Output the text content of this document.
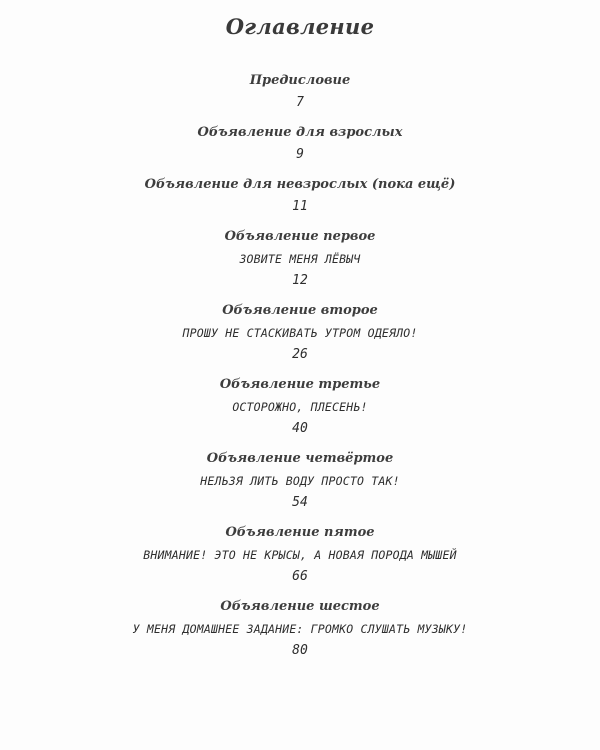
Оглавление
Предисловие
7
Объявление для взрослых
9
Объявление для невзрослых (пока ещё)
11
Объявление первое
ЗОВИТЕ МЕНЯ ЛЁВЫЧ
12
Объявление второе
ПРОШУ НЕ СТАСКИВАТЬ УТРОМ ОДЕЯЛО!
26
Объявление третье
ОСТОРОЖНО, ПЛЕСЕНЬ!
40
Объявление четвёртое
НЕЛЬЗЯ ЛИТЬ ВОДУ ПРОСТО ТАК!
54
Объявление пятое
ВНИМАНИЕ! ЭТО НЕ КРЫСЫ, А НОВАЯ ПОРОДА МЫШЕЙ
66
Объявление шестое
У МЕНЯ ДОМАШНЕЕ ЗАДАНИЕ: ГРОМКО СЛУШАТЬ МУЗЫКУ!
80
